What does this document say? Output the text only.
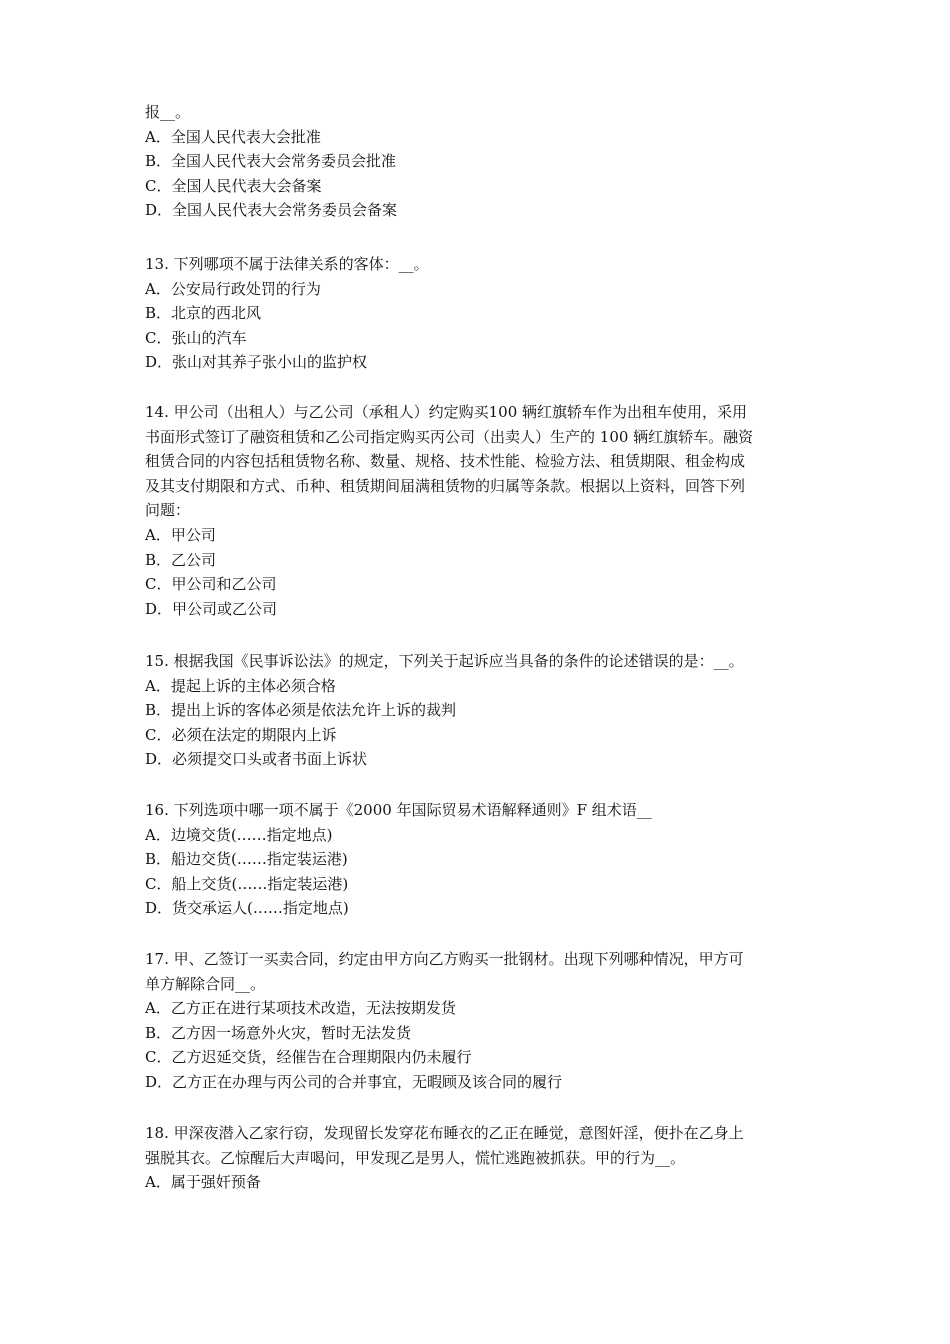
报__。
A．全国人民代表大会批准
B．全国人民代表大会常务委员会批准
C．全国人民代表大会备案
D．全国人民代表大会常务委员会备案
13. 下列哪项不属于法律关系的客体：__。
A．公安局行政处罚的行为
B．北京的西北风
C．张山的汽车
D．张山对其养子张小山的监护权
14. 甲公司（出租人）与乙公司（承租人）约定购买100 辆红旗轿车作为出租车使用，采用
书面形式签订了融资租赁和乙公司指定购买丙公司（出卖人）生产的 100 辆红旗轿车。融资
租赁合同的内容包括租赁物名称、数量、规格、技术性能、检验方法、租赁期限、租金构成
及其支付期限和方式、币种、租赁期间届满租赁物的归属等条款。根据以上资料，回答下列
问题：
A．甲公司
B．乙公司
C．甲公司和乙公司
D．甲公司或乙公司
15. 根据我国《民事诉讼法》的规定，下列关于起诉应当具备的条件的论述错误的是：__。
A．提起上诉的主体必须合格
B．提出上诉的客体必须是依法允许上诉的裁判
C．必须在法定的期限内上诉
D．必须提交口头或者书面上诉状
16. 下列选项中哪一项不属于《2000 年国际贸易术语解释通则》F 组术语__
A．边境交货(……指定地点)
B．船边交货(……指定装运港)
C．船上交货(……指定装运港)
D．货交承运人(……指定地点)
17. 甲、乙签订一买卖合同，约定由甲方向乙方购买一批钢材。出现下列哪种情况，甲方可
单方解除合同__。
A．乙方正在进行某项技术改造，无法按期发货
B．乙方因一场意外火灾，暂时无法发货
C．乙方迟延交货，经催告在合理期限内仍未履行
D．乙方正在办理与丙公司的合并事宜，无暇顾及该合同的履行
18. 甲深夜潜入乙家行窃，发现留长发穿花布睡衣的乙正在睡觉，意图奸淫，便扑在乙身上
强脱其衣。乙惊醒后大声喝问，甲发现乙是男人，慌忙逃跑被抓获。甲的行为__。
A．属于强奸预备
